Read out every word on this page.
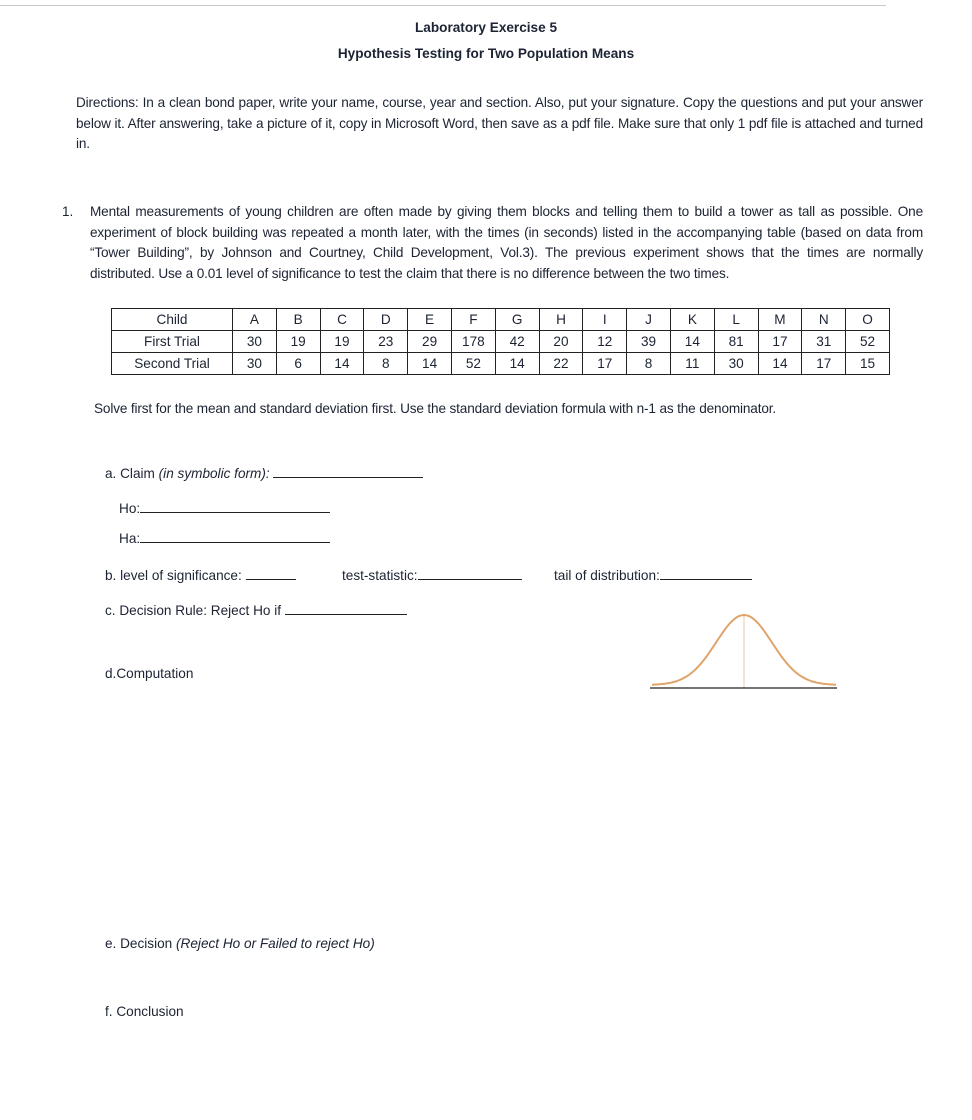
Laboratory Exercise 5
Hypothesis Testing for Two Population Means
Directions: In a clean bond paper, write your name, course, year and section. Also, put your signature. Copy the questions and put your answer below it. After answering, take a picture of it, copy in Microsoft Word, then save as a pdf file. Make sure that only 1 pdf file is attached and turned in.
1. Mental measurements of young children are often made by giving them blocks and telling them to build a tower as tall as possible. One experiment of block building was repeated a month later, with the times (in seconds) listed in the accompanying table (based on data from “Tower Building”, by Johnson and Courtney, Child Development, Vol.3). The previous experiment shows that the times are normally distributed. Use a 0.01 level of significance to test the claim that there is no difference between the two times.
Child	A	B	C	D	E	F	G	H	I	J	K	L	M	N	O
First Trial	30	19	19	23	29	178	42	20	12	39	14	81	17	31	52
Second Trial	30	6	14	8	14	52	14	22	17	8	11	30	14	17	15
Solve first for the mean and standard deviation first. Use the standard deviation formula with n-1 as the denominator.
a. Claim (in symbolic form):
Ho:
Ha:
b. level of significance:	test-statistic:	tail of distribution:
c. Decision Rule: Reject Ho if
d.Computation
e. Decision (Reject Ho or Failed to reject Ho)
f. Conclusion
